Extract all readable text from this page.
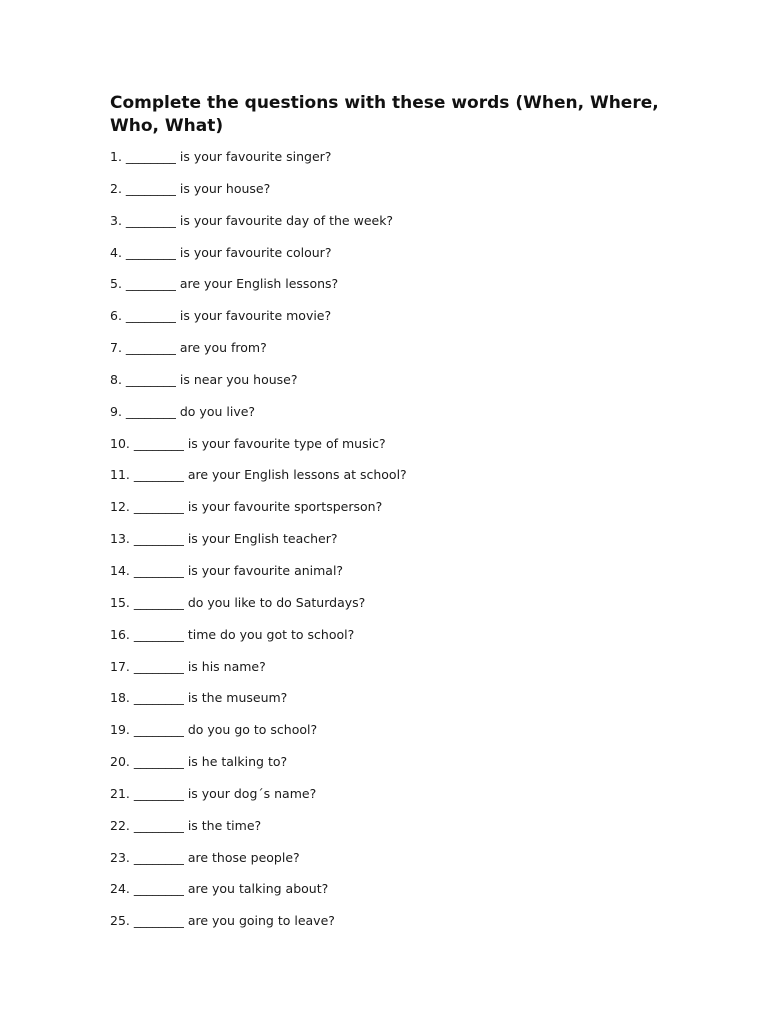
Complete the questions with these words (When, Where, Who, What)
1. ________ is your favourite singer?
2. ________ is your house?
3. ________ is your favourite day of the week?
4. ________ is your favourite colour?
5. ________ are your English lessons?
6. ________ is your favourite movie?
7. ________ are you from?
8. ________ is near you house?
9. ________ do you live?
10. ________ is your favourite type of music?
11. ________ are your English lessons at school?
12. ________ is your favourite sportsperson?
13. ________ is your English teacher?
14. ________ is your favourite animal?
15. ________ do you like to do Saturdays?
16. ________ time do you got to school?
17. ________ is his name?
18. ________ is the museum?
19. ________ do you go to school?
20. ________ is he talking to?
21. ________ is your dog´s name?
22. ________ is the time?
23. ________ are those people?
24. ________ are you talking about?
25. ________ are you going to leave?
